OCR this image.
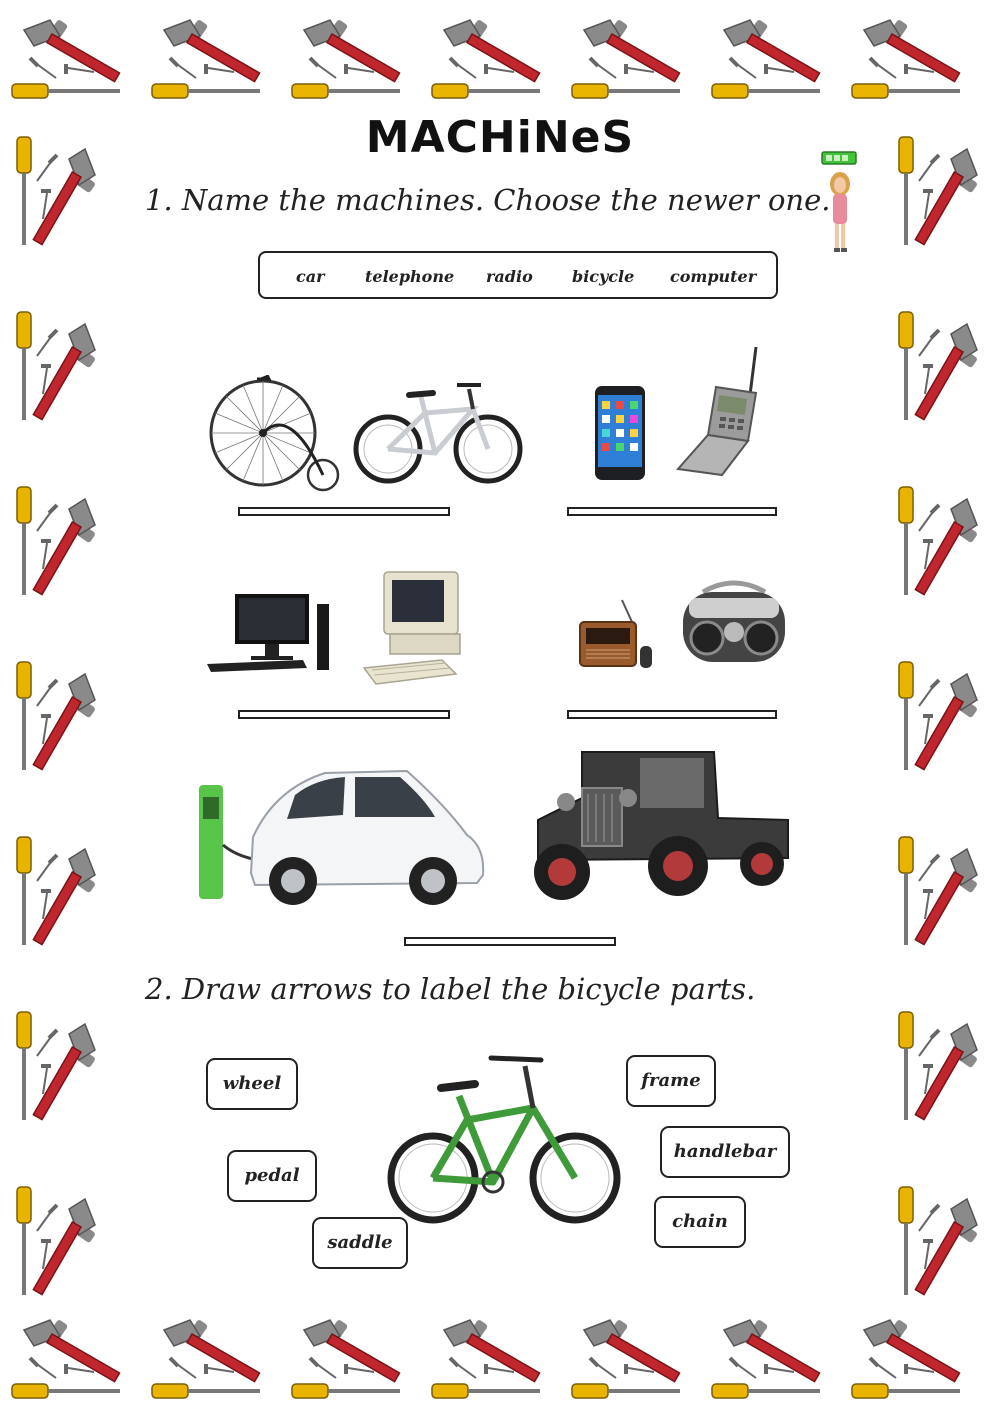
MACHiNeS
1. Name the machines. Choose the newer one.
car	telephone radio bicycle computer
2. Draw arrows to label the bicycle parts.
wheel	frame
handlebar
pedal
chain
saddle
